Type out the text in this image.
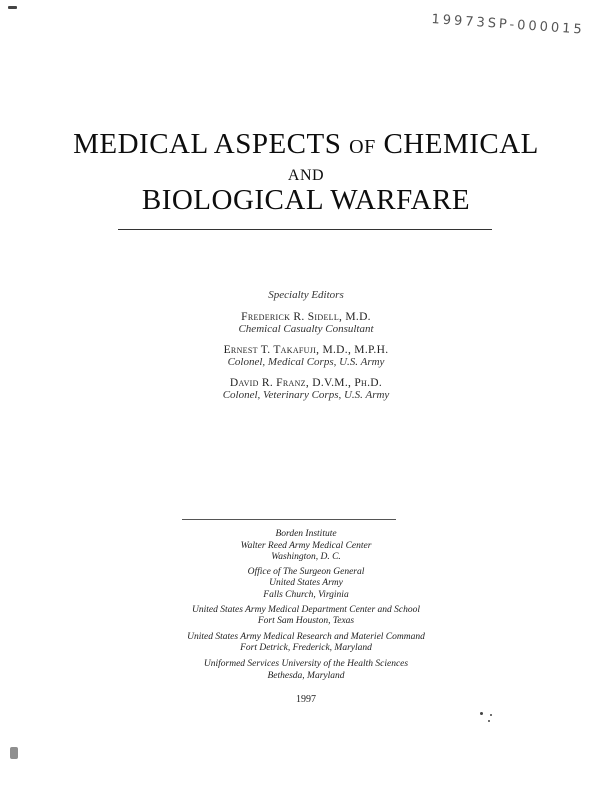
19973SP-000015
MEDICAL ASPECTS OF CHEMICAL
AND
BIOLOGICAL WARFARE
Specialty Editors
Frederick R. Sidell, M.D.
Chemical Casualty Consultant
Ernest T. Takafuji, M.D., M.P.H.
Colonel, Medical Corps, U.S. Army
David R. Franz, D.V.M., Ph.D.
Colonel, Veterinary Corps, U.S. Army
Borden Institute
Walter Reed Army Medical Center
Washington, D. C.
Office of The Surgeon General
United States Army
Falls Church, Virginia
United States Army Medical Department Center and School
Fort Sam Houston, Texas
United States Army Medical Research and Materiel Command
Fort Detrick, Frederick, Maryland
Uniformed Services University of the Health Sciences
Bethesda, Maryland
1997
